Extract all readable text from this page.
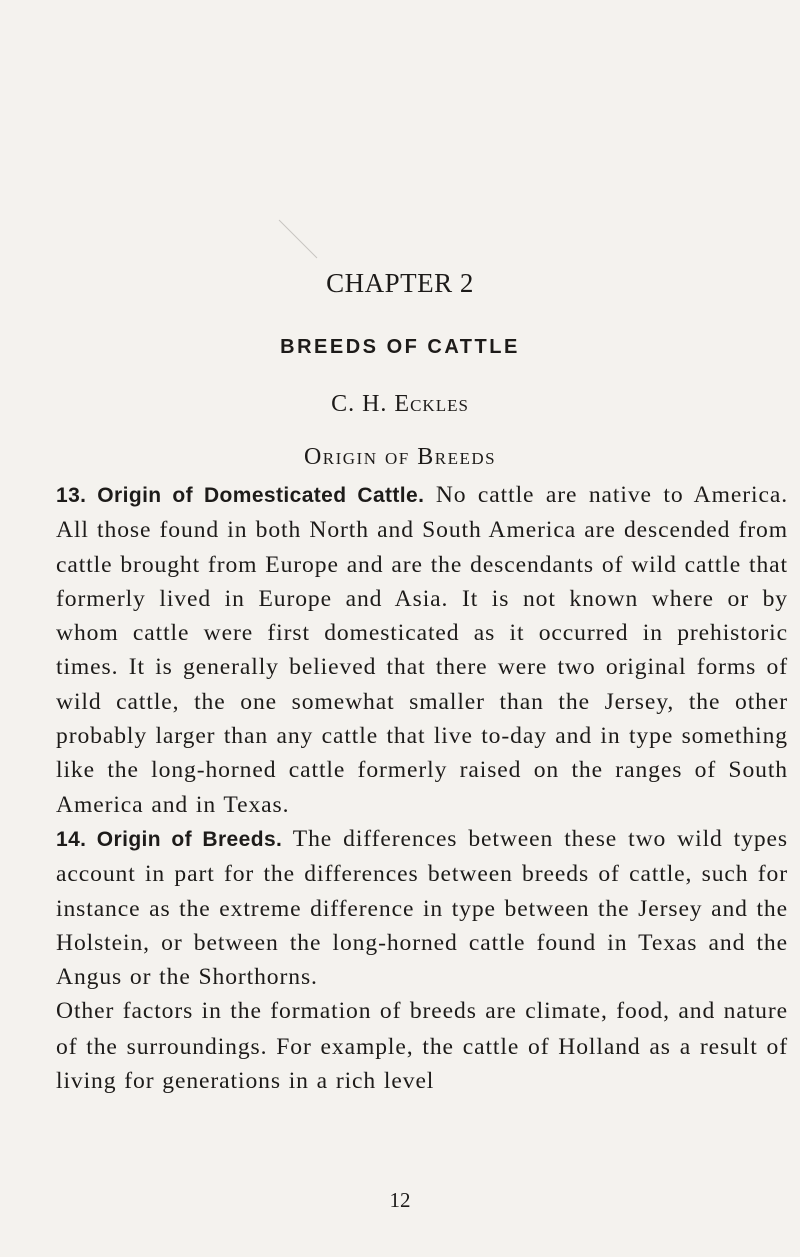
CHAPTER 2
BREEDS OF CATTLE
C. H. Eckles
Origin of Breeds

13. Origin of Domesticated Cattle. No cattle are native to America. All those found in both North and South America are descended from cattle brought from Europe and are the descendants of wild cattle that formerly lived in Europe and Asia. It is not known where or by whom cattle were first domesticated as it occurred in prehistoric times. It is generally believed that there were two original forms of wild cattle, the one somewhat smaller than the Jersey, the other probably larger than any cattle that live to-day and in type something like the long-horned cattle formerly raised on the ranges of South America and in Texas.

14. Origin of Breeds. The differences between these two wild types account in part for the differences between breeds of cattle, such for instance as the extreme difference in type between the Jersey and the Holstein, or between the long-horned cattle found in Texas and the Angus or the Shorthorns.

Other factors in the formation of breeds are climate, food, and nature of the surroundings. For example, the cattle of Holland as a result of living for generations in a rich level

12
